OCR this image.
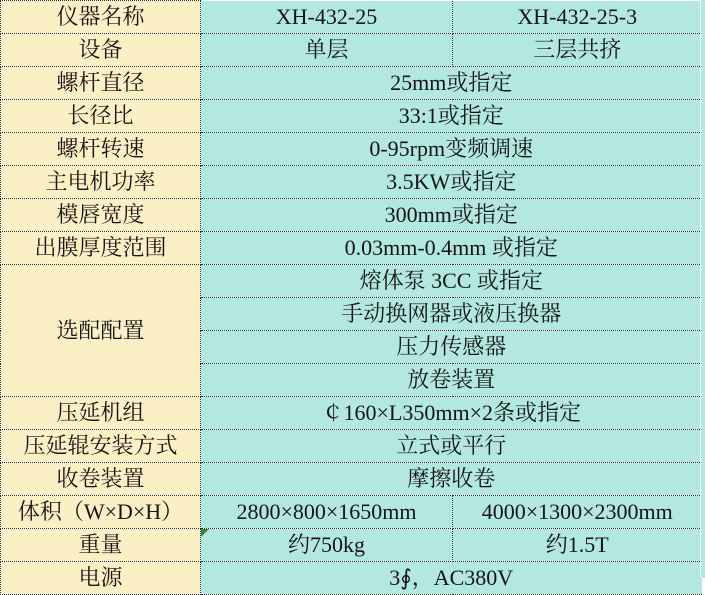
仪器名称	XH-432-25	XH-432-25-3
设备	单层	三层共挤
螺杆直径	25mm或指定	
长径比	33:1或指定	
螺杆转速	0-95rpm变频调速	
主电机功率	3.5KW或指定	
模唇宽度	300mm或指定	
出膜厚度范围	0.03mm-0.4mm 或指定	
选配配置	熔体泵 3CC 或指定	
	手动换网器或液压换器	
	压力传感器	
	放卷装置	
压延机组	￠160×L350mm×2条或指定	
压延辊安装方式	立式或平行	
收卷装置	摩擦收卷	
体积（W×D×H）	2800×800×1650mm	4000×1300×2300mm
重量	约750kg	约1.5T
电源	3∮，AC380V	
